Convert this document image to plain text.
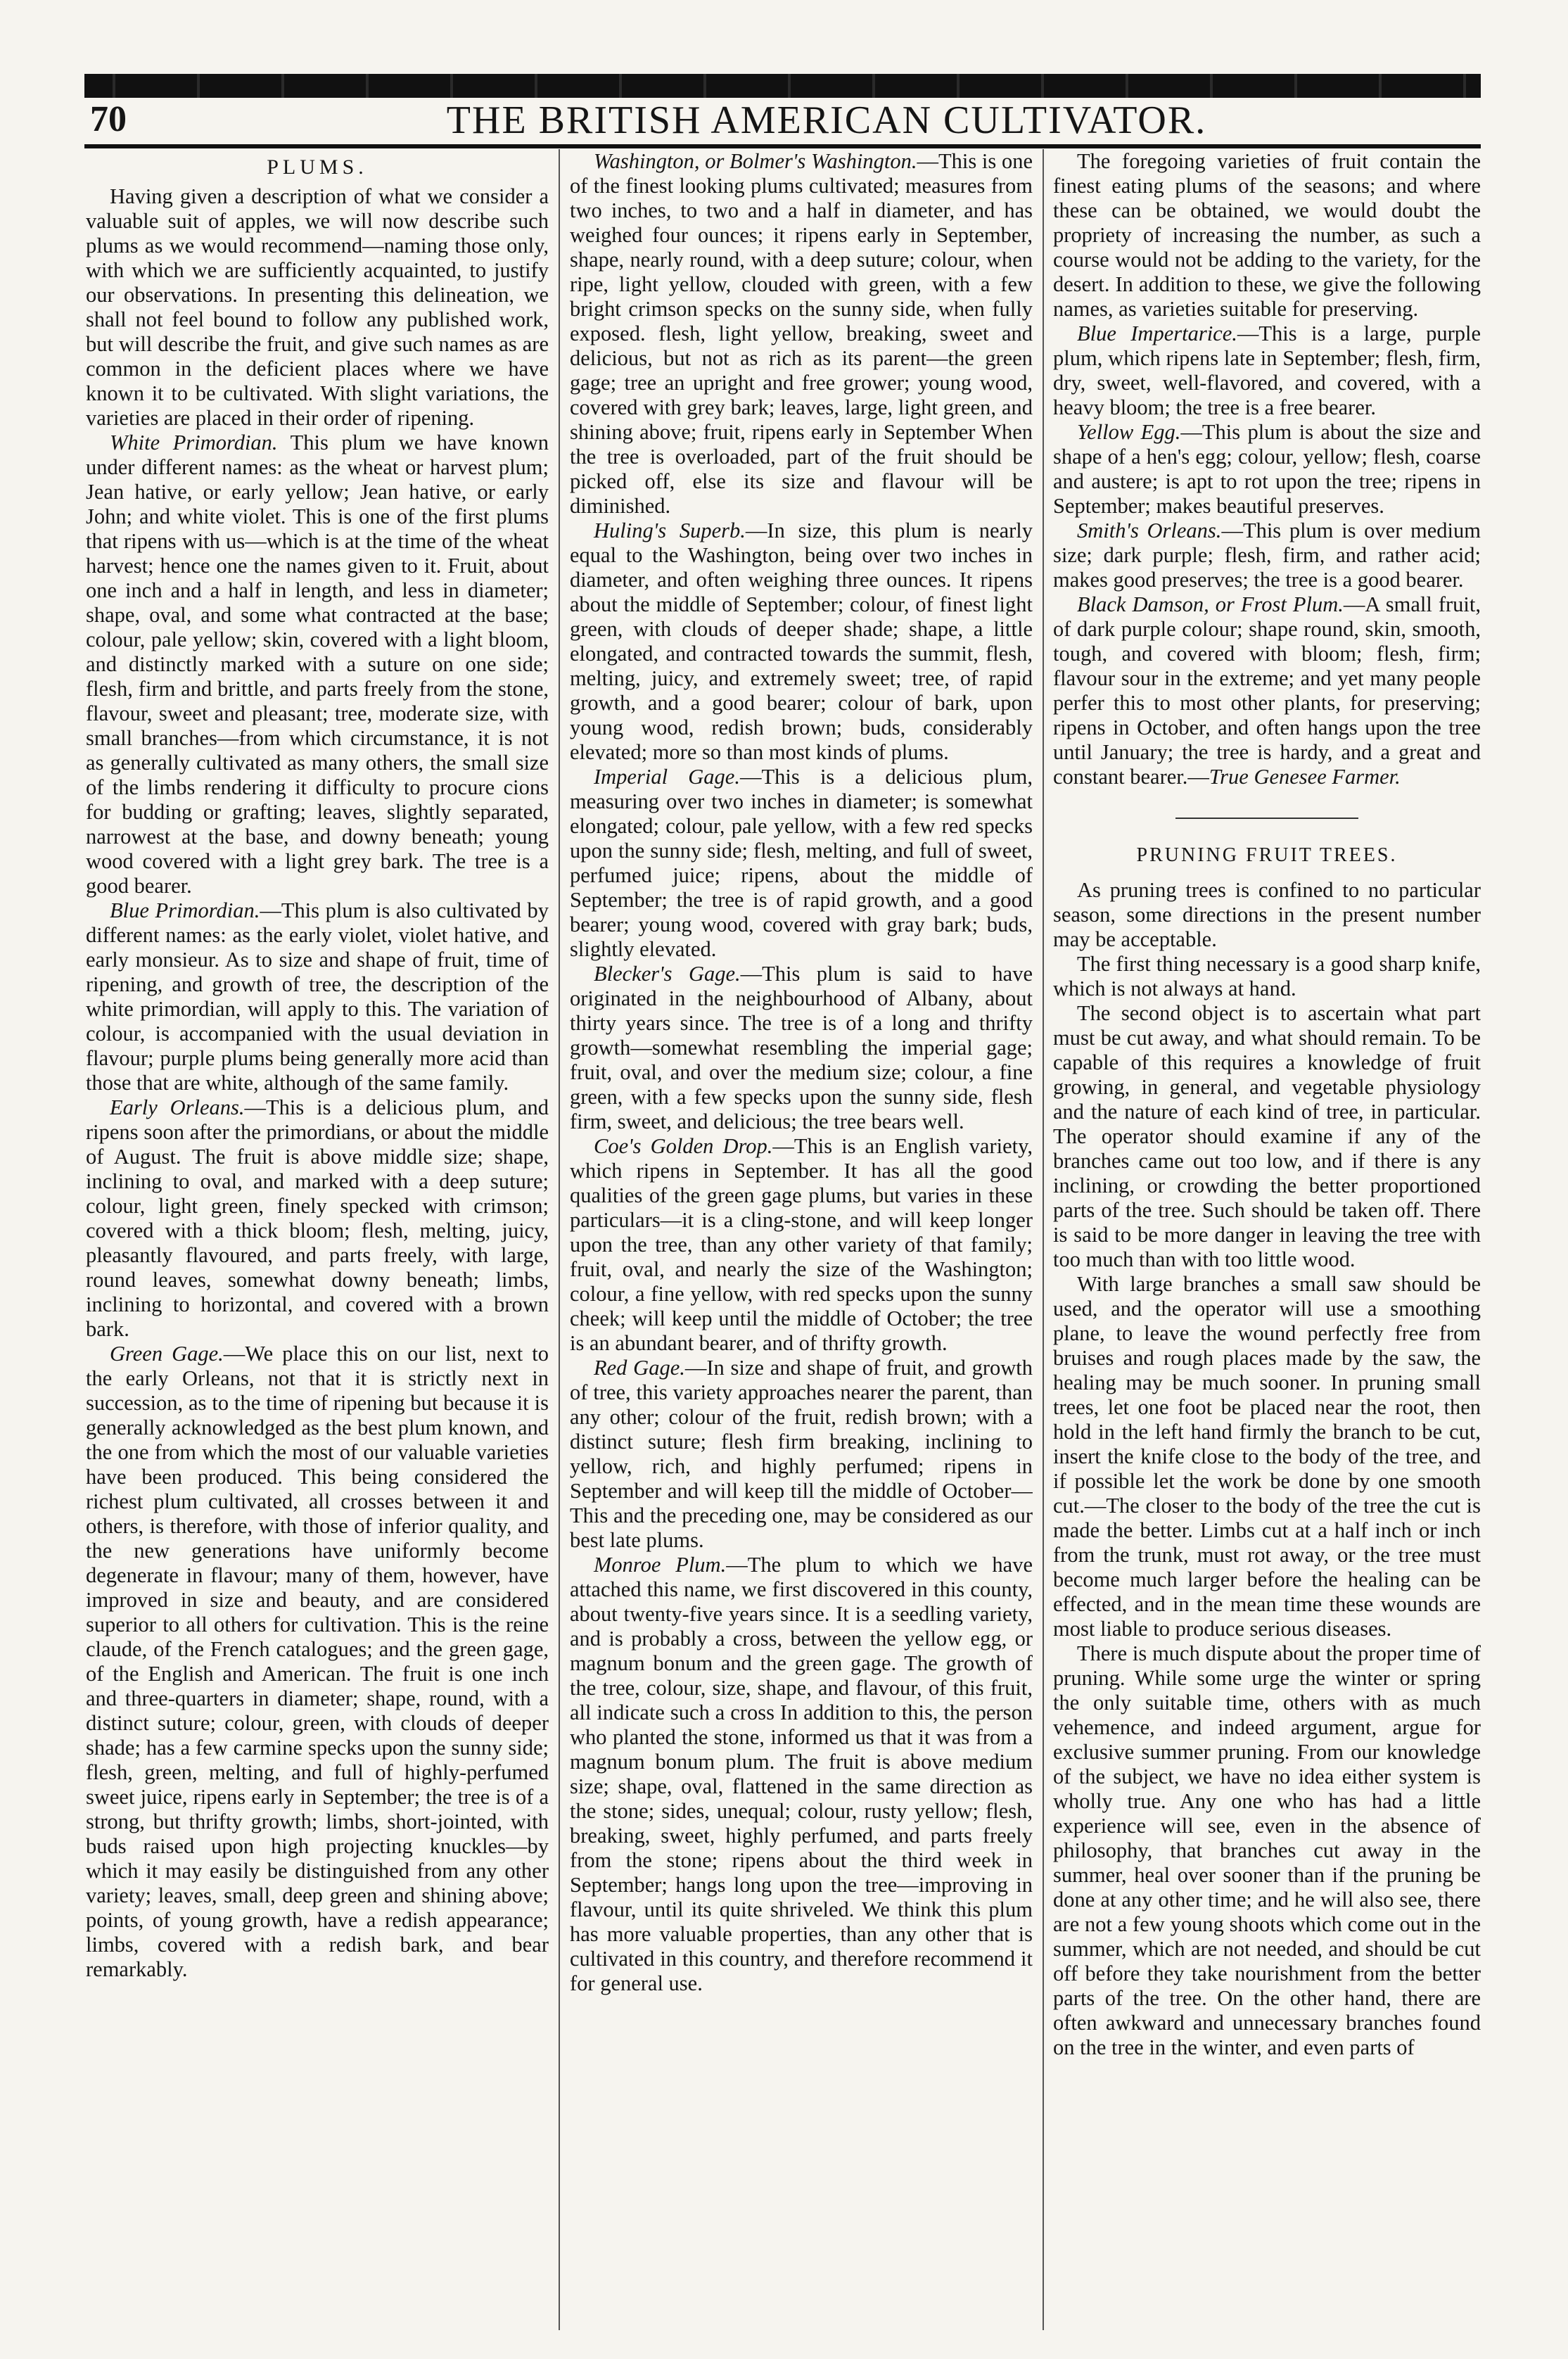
70	THE BRITISH AMERICAN CULTIVATOR.
PLUMS.

Having given a description of what we consider a valuable suit of apples, we will now describe such plums as we would recommend—naming those only, with which we are sufficiently acquainted, to justify our observations. In presenting this delineation, we shall not feel bound to follow any published work, but will describe the fruit, and give such names as are common in the deficient places where we have known it to be cultivated. With slight variations, the varieties are placed in their order of ripening.

White Primordian. This plum we have known under different names: as the wheat or harvest plum; Jean hative, or early yellow; Jean hative, or early John; and white violet. This is one of the first plums that ripens with us—which is at the time of the wheat harvest; hence one the names given to it. Fruit, about one inch and a half in length, and less in diameter; shape, oval, and some what contracted at the base; colour, pale yellow; skin, covered with a light bloom, and distinctly marked with a suture on one side; flesh, firm and brittle, and parts freely from the stone, flavour, sweet and pleasant; tree, moderate size, with small branches—from which circumstance, it is not as generally cultivated as many others, the small size of the limbs rendering it difficulty to procure cions for budding or grafting; leaves, slightly separated, narrowest at the base, and downy beneath; young wood covered with a light grey bark. The tree is a good bearer.

Blue Primordian.—This plum is also cultivated by different names: as the early violet, violet hative, and early monsieur. As to size and shape of fruit, time of ripening, and growth of tree, the description of the white primordian, will apply to this. The variation of colour, is accompanied with the usual deviation in flavour; purple plums being generally more acid than those that are white, although of the same family.

Early Orleans.—This is a delicious plum, and ripens soon after the primordians, or about the middle of August. The fruit is above middle size; shape, inclining to oval, and marked with a deep suture; colour, light green, finely specked with crimson; covered with a thick bloom; flesh, melting, juicy, pleasantly flavoured, and parts freely, with large, round leaves, somewhat downy beneath; limbs, inclining to horizontal, and covered with a brown bark.

Green Gage.—We place this on our list, next to the early Orleans, not that it is strictly next in succession, as to the time of ripening but because it is generally acknowledged as the best plum known, and the one from which the most of our valuable varieties have been produced. This being considered the richest plum cultivated, all crosses between it and others, is therefore, with those of inferior quality, and the new generations have uniformly become degenerate in flavour; many of them, however, have improved in size and beauty, and are considered superior to all others for cultivation. This is the reine claude, of the French catalogues; and the green gage, of the English and American. The fruit is one inch and three-quarters in diameter; shape, round, with a distinct suture; colour, green, with clouds of deeper shade; has a few carmine specks upon the sunny side; flesh, green, melting, and full of highly-perfumed sweet juice, ripens early in September; the tree is of a strong, but thrifty growth; limbs, short-jointed, with buds raised upon high projecting knuckles—by which it may easily be distinguished from any other variety; leaves, small, deep green and shining above; points, of young growth, have a redish appearance; limbs, covered with a redish bark, and bear remarkably.

Washington, or Bolmer's Washington.—This is one of the finest looking plums cultivated; measures from two inches, to two and a half in diameter, and has weighed four ounces; it ripens early in September, shape, nearly round, with a deep suture; colour, when ripe, light yellow, clouded with green, with a few bright crimson specks on the sunny side, when fully exposed. flesh, light yellow, breaking, sweet and delicious, but not as rich as its parent—the green gage; tree an upright and free grower; young wood, covered with grey bark; leaves, large, light green, and shining above; fruit, ripens early in September When the tree is overloaded, part of the fruit should be picked off, else its size and flavour will be diminished.

Huling's Superb.—In size, this plum is nearly equal to the Washington, being over two inches in diameter, and often weighing three ounces. It ripens about the middle of September; colour, of finest light green, with clouds of deeper shade; shape, a little elongated, and contracted towards the summit, flesh, melting, juicy, and extremely sweet; tree, of rapid growth, and a good bearer; colour of bark, upon young wood, redish brown; buds, considerably elevated; more so than most kinds of plums.

Imperial Gage.—This is a delicious plum, measuring over two inches in diameter; is somewhat elongated; colour, pale yellow, with a few red specks upon the sunny side; flesh, melting, and full of sweet, perfumed juice; ripens, about the middle of September; the tree is of rapid growth, and a good bearer; young wood, covered with gray bark; buds, slightly elevated.

Blecker's Gage.—This plum is said to have originated in the neighbourhood of Albany, about thirty years since. The tree is of a long and thrifty growth—somewhat resembling the imperial gage; fruit, oval, and over the medium size; colour, a fine green, with a few specks upon the sunny side, flesh firm, sweet, and delicious; the tree bears well.

Coe's Golden Drop.—This is an English variety, which ripens in September. It has all the good qualities of the green gage plums, but varies in these particulars—it is a cling-stone, and will keep longer upon the tree, than any other variety of that family; fruit, oval, and nearly the size of the Washington; colour, a fine yellow, with red specks upon the sunny cheek; will keep until the middle of October; the tree is an abundant bearer, and of thrifty growth.

Red Gage.—In size and shape of fruit, and growth of tree, this variety approaches nearer the parent, than any other; colour of the fruit, redish brown; with a distinct suture; flesh firm breaking, inclining to yellow, rich, and highly perfumed; ripens in September and will keep till the middle of October—This and the preceding one, may be considered as our best late plums.

Monroe Plum.—The plum to which we have attached this name, we first discovered in this county, about twenty-five years since. It is a seedling variety, and is probably a cross, between the yellow egg, or magnum bonum and the green gage. The growth of the tree, colour, size, shape, and flavour, of this fruit, all indicate such a cross In addition to this, the person who planted the stone, informed us that it was from a magnum bonum plum. The fruit is above medium size; shape, oval, flattened in the same direction as the stone; sides, unequal; colour, rusty yellow; flesh, breaking, sweet, highly perfumed, and parts freely from the stone; ripens about the third week in September; hangs long upon the tree—improving in flavour, until its quite shriveled. We think this plum has more valuable properties, than any other that is cultivated in this country, and therefore recommend it for general use.

The foregoing varieties of fruit contain the finest eating plums of the seasons; and where these can be obtained, we would doubt the propriety of increasing the number, as such a course would not be adding to the variety, for the desert. In addition to these, we give the following names, as varieties suitable for preserving.

Blue Impertarice.—This is a large, purple plum, which ripens late in September; flesh, firm, dry, sweet, well-flavored, and covered, with a heavy bloom; the tree is a free bearer.

Yellow Egg.—This plum is about the size and shape of a hen's egg; colour, yellow; flesh, coarse and austere; is apt to rot upon the tree; ripens in September; makes beautiful preserves.

Smith's Orleans.—This plum is over medium size; dark purple; flesh, firm, and rather acid; makes good preserves; the tree is a good bearer.

Black Damson, or Frost Plum.—A small fruit, of dark purple colour; shape round, skin, smooth, tough, and covered with bloom; flesh, firm; flavour sour in the extreme; and yet many people perfer this to most other plants, for preserving; ripens in October, and often hangs upon the tree until January; the tree is hardy, and a great and constant bearer.—True Genesee Farmer.

PRUNING FRUIT TREES.

As pruning trees is confined to no particular season, some directions in the present number may be acceptable.

The first thing necessary is a good sharp knife, which is not always at hand.

The second object is to ascertain what part must be cut away, and what should remain. To be capable of this requires a knowledge of fruit growing, in general, and vegetable physiology and the nature of each kind of tree, in particular. The operator should examine if any of the branches came out too low, and if there is any inclining, or crowding the better proportioned parts of the tree. Such should be taken off. There is said to be more danger in leaving the tree with too much than with too little wood.

With large branches a small saw should be used, and the operator will use a smoothing plane, to leave the wound perfectly free from bruises and rough places made by the saw, the healing may be much sooner. In pruning small trees, let one foot be placed near the root, then hold in the left hand firmly the branch to be cut, insert the knife close to the body of the tree, and if possible let the work be done by one smooth cut.—The closer to the body of the tree the cut is made the better. Limbs cut at a half inch or inch from the trunk, must rot away, or the tree must become much larger before the healing can be effected, and in the mean time these wounds are most liable to produce serious diseases.

There is much dispute about the proper time of pruning. While some urge the winter or spring the only suitable time, others with as much vehemence, and indeed argument, argue for exclusive summer pruning. From our knowledge of the subject, we have no idea either system is wholly true. Any one who has had a little experience will see, even in the absence of philosophy, that branches cut away in the summer, heal over sooner than if the pruning be done at any other time; and he will also see, there are not a few young shoots which come out in the summer, which are not needed, and should be cut off before they take nourishment from the better parts of the tree. On the other hand, there are often awkward and unnecessary branches found on the tree in the winter, and even parts of
